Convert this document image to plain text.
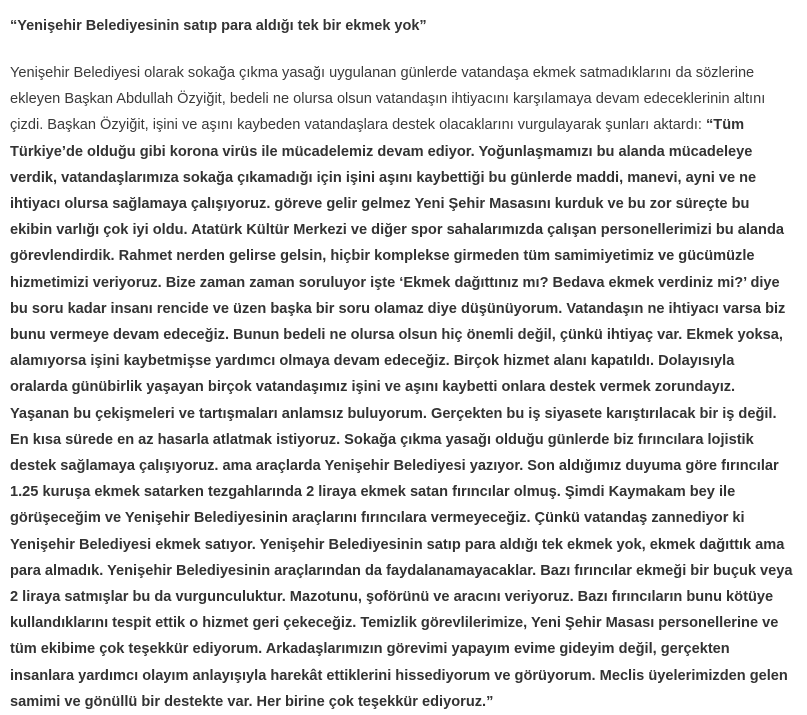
“Yenişehir Belediyesinin satıp para aldığı tek bir ekmek yok”

Yenişehir Belediyesi olarak sokağa çıkma yasağı uygulanan günlerde vatandaşa ekmek satmadıklarını da sözlerine ekleyen Başkan Abdullah Özyiğit, bedeli ne olursa olsun vatandaşın ihtiyacını karşılamaya devam edeceklerinin altını çizdi. Başkan Özyiğit, işini ve aşını kaybeden vatandaşlara destek olacaklarını vurgulayarak şunları aktardı: “Tüm Türkiye’de olduğu gibi korona virüs ile mücadelemiz devam ediyor. Yoğunlaşmamızı bu alanda mücadeleye verdik, vatandaşlarımıza sokağa çıkamadığı için işini aşını kaybettiği bu günlerde maddi, manevi, ayni ve ne ihtiyacı olursa sağlamaya çalışıyoruz. göreve gelir gelmez Yeni Şehir Masasını kurduk ve bu zor süreçte bu ekibin varlığı çok iyi oldu. Atatürk Kültür Merkezi ve diğer spor sahalarımızda çalışan personellerimizi bu alanda görevlendirdik. Rahmet nerden gelirse gelsin, hiçbir komplekse girmeden tüm samimiyetimiz ve gücümüzle hizmetimizi veriyoruz. Bize zaman zaman soruluyor işte ‘Ekmek dağıttınız mı? Bedava ekmek verdiniz mi?’ diye bu soru kadar insanı rencide ve üzen başka bir soru olamaz diye düşünüyorum. Vatandaşın ne ihtiyacı varsa biz bunu vermeye devam edeceğiz. Bunun bedeli ne olursa olsun hiç önemli değil, çünkü ihtiyaç var. Ekmek yoksa, alamıyorsa işini kaybetmişse yardımcı olmaya devam edeceğiz. Birçok hizmet alanı kapatıldı. Dolayısıyla oralarda günübirlik yaşayan birçok vatandaşımız işini ve aşını kaybetti onlara destek vermek zorundayız. Yaşanan bu çekişmeleri ve tartışmaları anlamsız buluyorum. Gerçekten bu iş siyasete karıştırılacak bir iş değil. En kısa sürede en az hasarla atlatmak istiyoruz. Sokağa çıkma yasağı olduğu günlerde biz fırıncılara lojistik destek sağlamaya çalışıyoruz. ama araçlarda Yenişehir Belediyesi yazıyor. Son aldığımız duyuma göre fırıncılar 1.25 kuruşa ekmek satarken tezgahlarında 2 liraya ekmek satan fırıncılar olmuş. Şimdi Kaymakam bey ile görüşeceğim ve Yenişehir Belediyesinin araçlarını fırıncılara vermeyeceğiz. Çünkü vatandaş zannediyor ki Yenişehir Belediyesi ekmek satıyor. Yenişehir Belediyesinin satıp para aldığı tek ekmek yok, ekmek dağıttık ama para almadık. Yenişehir Belediyesinin araçlarından da faydalanamayacaklar. Bazı fırıncılar ekmeği bir buçuk veya 2 liraya satmışlar bu da vurgunculuktur. Mazotunu, şoförünü ve aracını veriyoruz. Bazı fırıncıların bunu kötüye kullandıklarını tespit ettik o hizmet geri çekeceğiz. Temizlik görevlilerimize, Yeni Şehir Masası personellerine ve tüm ekibime çok teşekkür ediyorum. Arkadaşlarımızın görevimi yapayım evime gideyim değil, gerçekten insanlara yardımcı olayım anlayışıyla harekât ettiklerini hissediyorum ve görüyorum. Meclis üyelerimizden gelen samimi ve gönüllü bir destekte var. Her birine çok teşekkür ediyoruz.”
